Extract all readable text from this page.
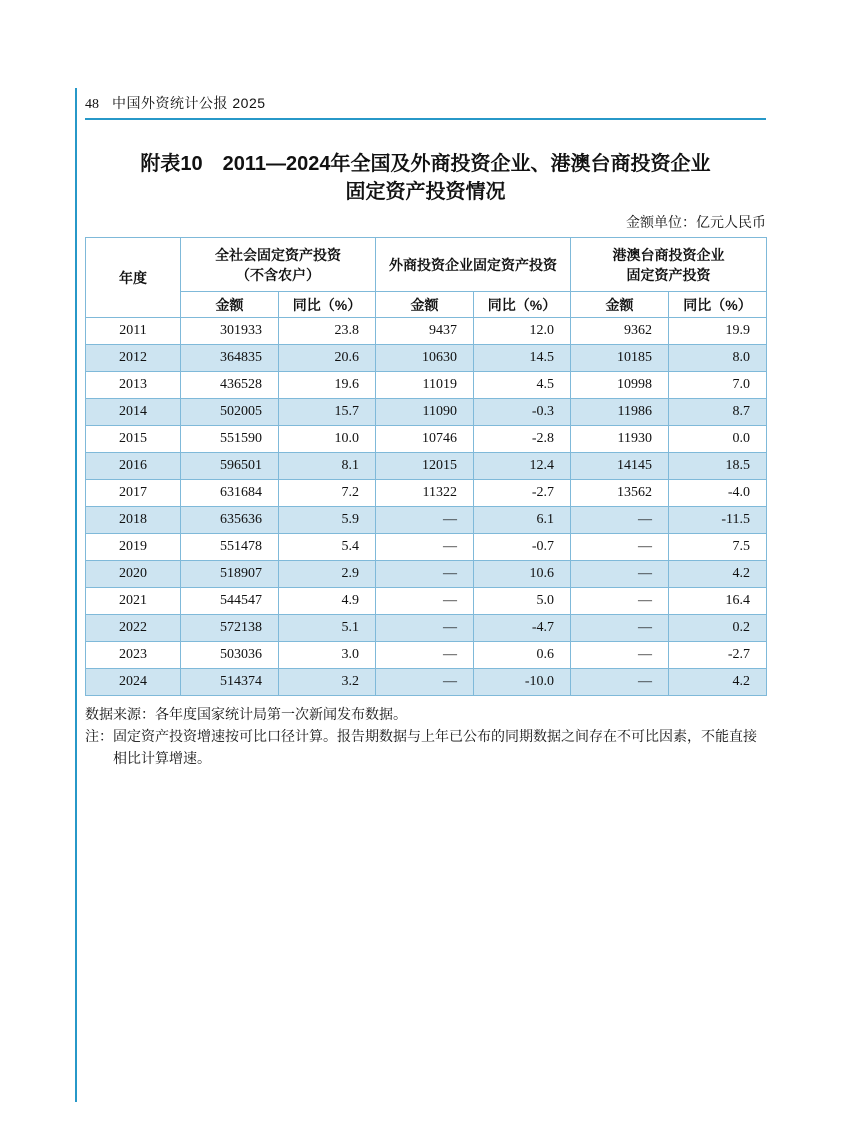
48 中国外资统计公报 2025
附表10　2011—2024年全国及外商投资企业、港澳台商投资企业
固定资产投资情况
金额单位：亿元人民币
年度	
全社会固定资产投资
（不含农户）

外商投资企业固定资产投资

港澳台商投资企业
固定资产投资

	金额	同比（%）	金额	同比（%）	金额	同比（%）
2011	301933	23.8	9437	12.0	9362	19.9
2012	364835	20.6	10630	14.5	10185	8.0
2013	436528	19.6	11019	4.5	10998	7.0
2014	502005	15.7	11090	-0.3	11986	8.7
2015	551590	10.0	10746	-2.8	11930	0.0
2016	596501	8.1	12015	12.4	14145	18.5
2017	631684	7.2	11322	-2.7	13562	-4.0
2018	635636	5.9	—	6.1	—	-11.5
2019	551478	5.4	—	-0.7	—	7.5
2020	518907	2.9	—	10.6	—	4.2
2021	544547	4.9	—	5.0	—	16.4
2022	572138	5.1	—	-4.7	—	0.2
2023	503036	3.0	—	0.6	—	-2.7
2024	514374	3.2	—	-10.0	—	4.2

数据来源：各年度国家统计局第一次新闻发布数据。

注：固定资产投资增速按可比口径计算。报告期数据与上年已公布的同期数据之间存在不可比因素，不能直接相比计算增速。
